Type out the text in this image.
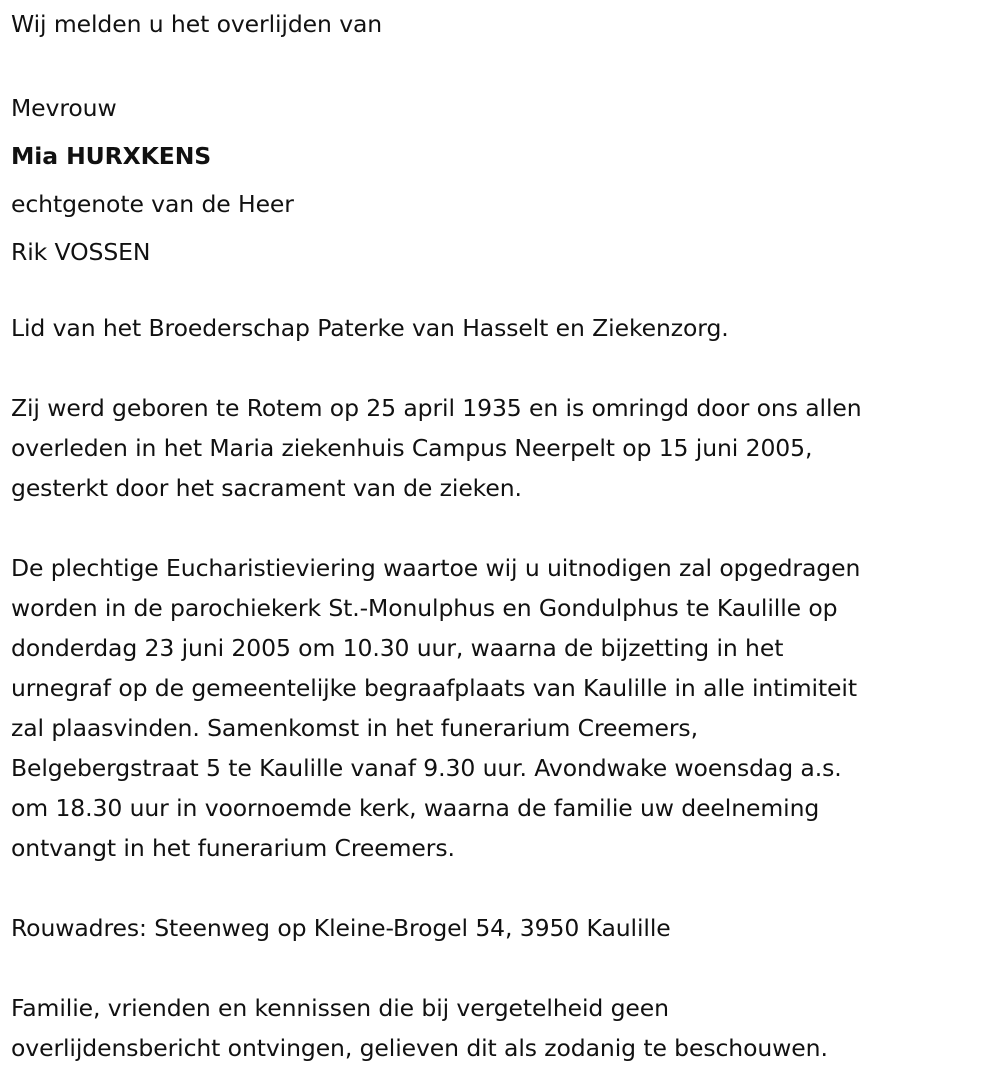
Wij melden u het overlijden van
Mevrouw
Mia HURXKENS
echtgenote van de Heer
Rik VOSSEN
Lid van het Broederschap Paterke van Hasselt en Ziekenzorg.
Zij werd geboren te Rotem op 25 april 1935 en is omringd door ons allen
overleden in het Maria ziekenhuis Campus Neerpelt op 15 juni 2005,
gesterkt door het sacrament van de zieken.
De plechtige Eucharistieviering waartoe wij u uitnodigen zal opgedragen
worden in de parochiekerk St.-Monulphus en Gondulphus te Kaulille op
donderdag 23 juni 2005 om 10.30 uur, waarna de bijzetting in het
urnegraf op de gemeentelijke begraafplaats van Kaulille in alle intimiteit
zal plaasvinden. Samenkomst in het funerarium Creemers,
Belgebergstraat 5 te Kaulille vanaf 9.30 uur. Avondwake woensdag a.s.
om 18.30 uur in voornoemde kerk, waarna de familie uw deelneming
ontvangt in het funerarium Creemers.
Rouwadres: Steenweg op Kleine-Brogel 54, 3950 Kaulille
Familie, vrienden en kennissen die bij vergetelheid geen
overlijdensbericht ontvingen, gelieven dit als zodanig te beschouwen.
